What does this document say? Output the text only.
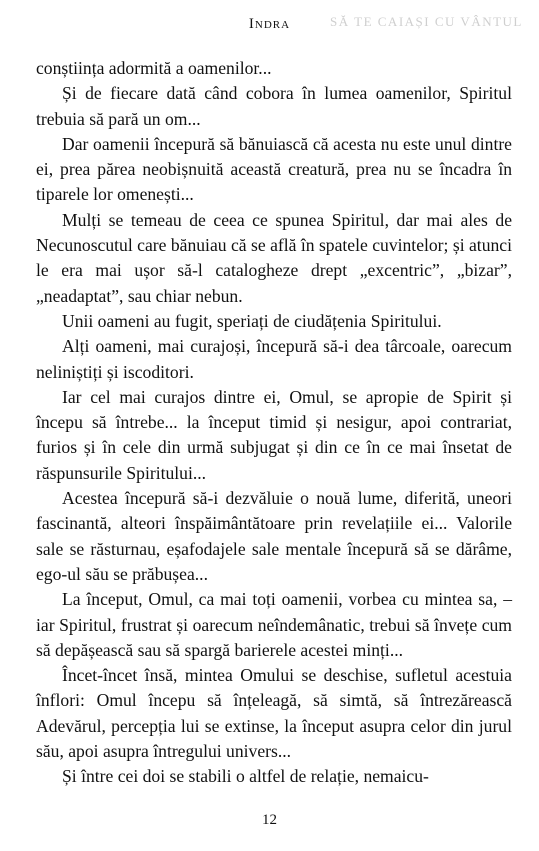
SĂ TE CAIAȘI CU VÂNTUL
Indra

conștiința adormită a oamenilor...

Și de fiecare dată când cobora în lumea oamenilor, Spiritul trebuia să pară un om...

Dar oamenii începură să bănuiască că acesta nu este unul dintre ei, prea părea neobișnuită această creatură, prea nu se încadra în tiparele lor omenești...

Mulți se temeau de ceea ce spunea Spiritul, dar mai ales de Necunoscutul care bănuiau că se află în spatele cuvintelor; și atunci le era mai ușor să-l catalogheze drept „excentric”, „bizar”, „neadaptat”, sau chiar nebun.

Unii oameni au fugit, speriați de ciudățenia Spiritului.

Alți oameni, mai curajoși, începură să-i dea târcoale, oarecum neliniștiți și iscoditori.

Iar cel mai curajos dintre ei, Omul, se apropie de Spirit și începu să întrebe... la început timid și nesigur, apoi contrariat, furios și în cele din urmă subjugat și din ce în ce mai însetat de răspunsurile Spiritului...

Acestea începură să-i dezvăluie o nouă lume, diferită, uneori fascinantă, alteori înspăimântătoare prin revelațiile ei... Valorile sale se răsturnau, eșafodajele sale mentale începură să se dărâme, ego-ul său se prăbușea...

La început, Omul, ca mai toți oamenii, vorbea cu mintea sa, – iar Spiritul, frustrat și oarecum neîndemânatic, trebui să învețe cum să depășească sau să spargă barierele acestei minți...

Încet-încet însă, mintea Omului se deschise, sufletul acestuia înflori: Omul începu să înțeleagă, să simtă, să întrezărească Adevărul, percepția lui se extinse, la început asupra celor din jurul său, apoi asupra întregului univers...

Și între cei doi se stabili o altfel de relație, nemaicu-

12
